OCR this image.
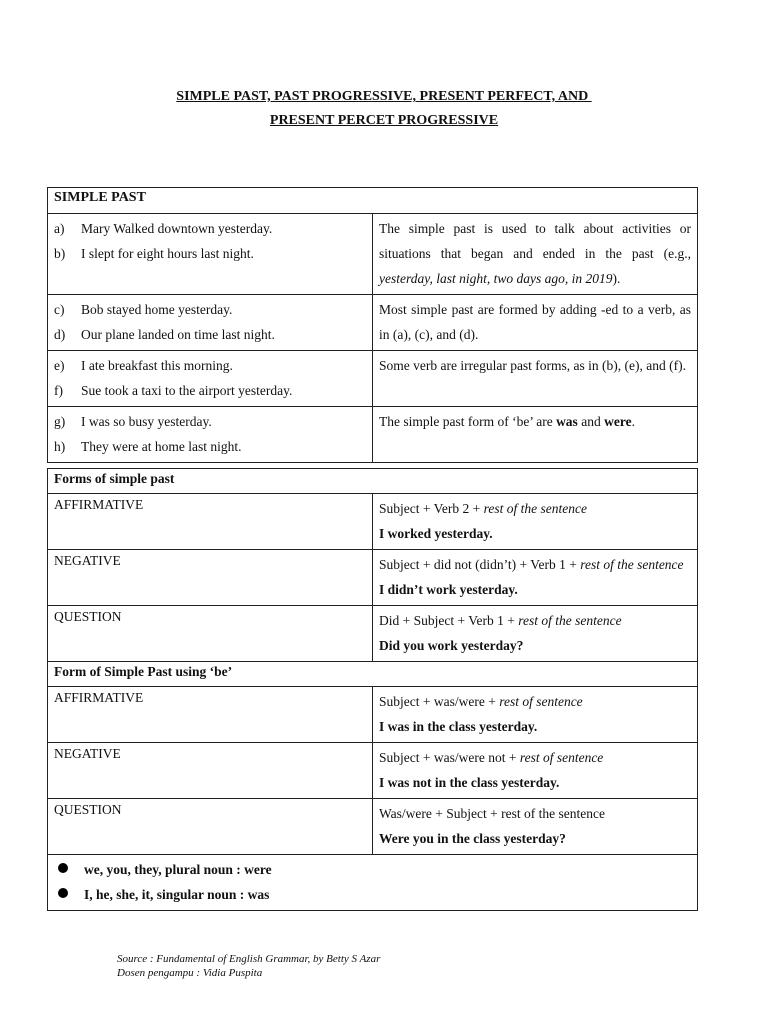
SIMPLE PAST, PAST PROGRESSIVE, PRESENT PERFECT, AND
PRESENT PERCET PROGRESSIVE
SIMPLE PAST	

a) Mary Walked downtown yesterday.
b) I slept for eight hours last night.	The simple past is used to talk about activities or situations that began and ended in the past (e.g., yesterday, last night, two days ago, in 2019).

c) Bob stayed home yesterday.
d) Our plane landed on time last night.	Most simple past are formed by adding -ed to a verb, as in (a), (c), and (d).

e) I ate breakfast this morning.
f) Sue took a taxi to the airport yesterday.	Some verb are irregular past forms, as in (b), (e), and (f).

g) I was so busy yesterday.
h) They were at home last night.	The simple past form of ‘be’ are was and were.
Forms of simple past	
AFFIRMATIVE	Subject + Verb 2 + rest of the sentence
I worked yesterday.

NEGATIVE	Subject + did not (didn’t) + Verb 1 + rest of the sentence
I didn’t work yesterday.

QUESTION	Did + Subject + Verb 1 + rest of the sentence
Did you work yesterday?

Form of Simple Past using ‘be’	
AFFIRMATIVE	Subject + was/were + rest of sentence
I was in the class yesterday.

NEGATIVE	Subject + was/were not + rest of sentence
I was not in the class yesterday.

QUESTION	Was/were + Subject + rest of the sentence
Were you in the class yesterday?

we, you, they, plural noun : were
I, he, she, it, singular noun : was	
Source : Fundamental of English Grammar, by Betty S Azar
Dosen pengampu : Vidia Puspita
